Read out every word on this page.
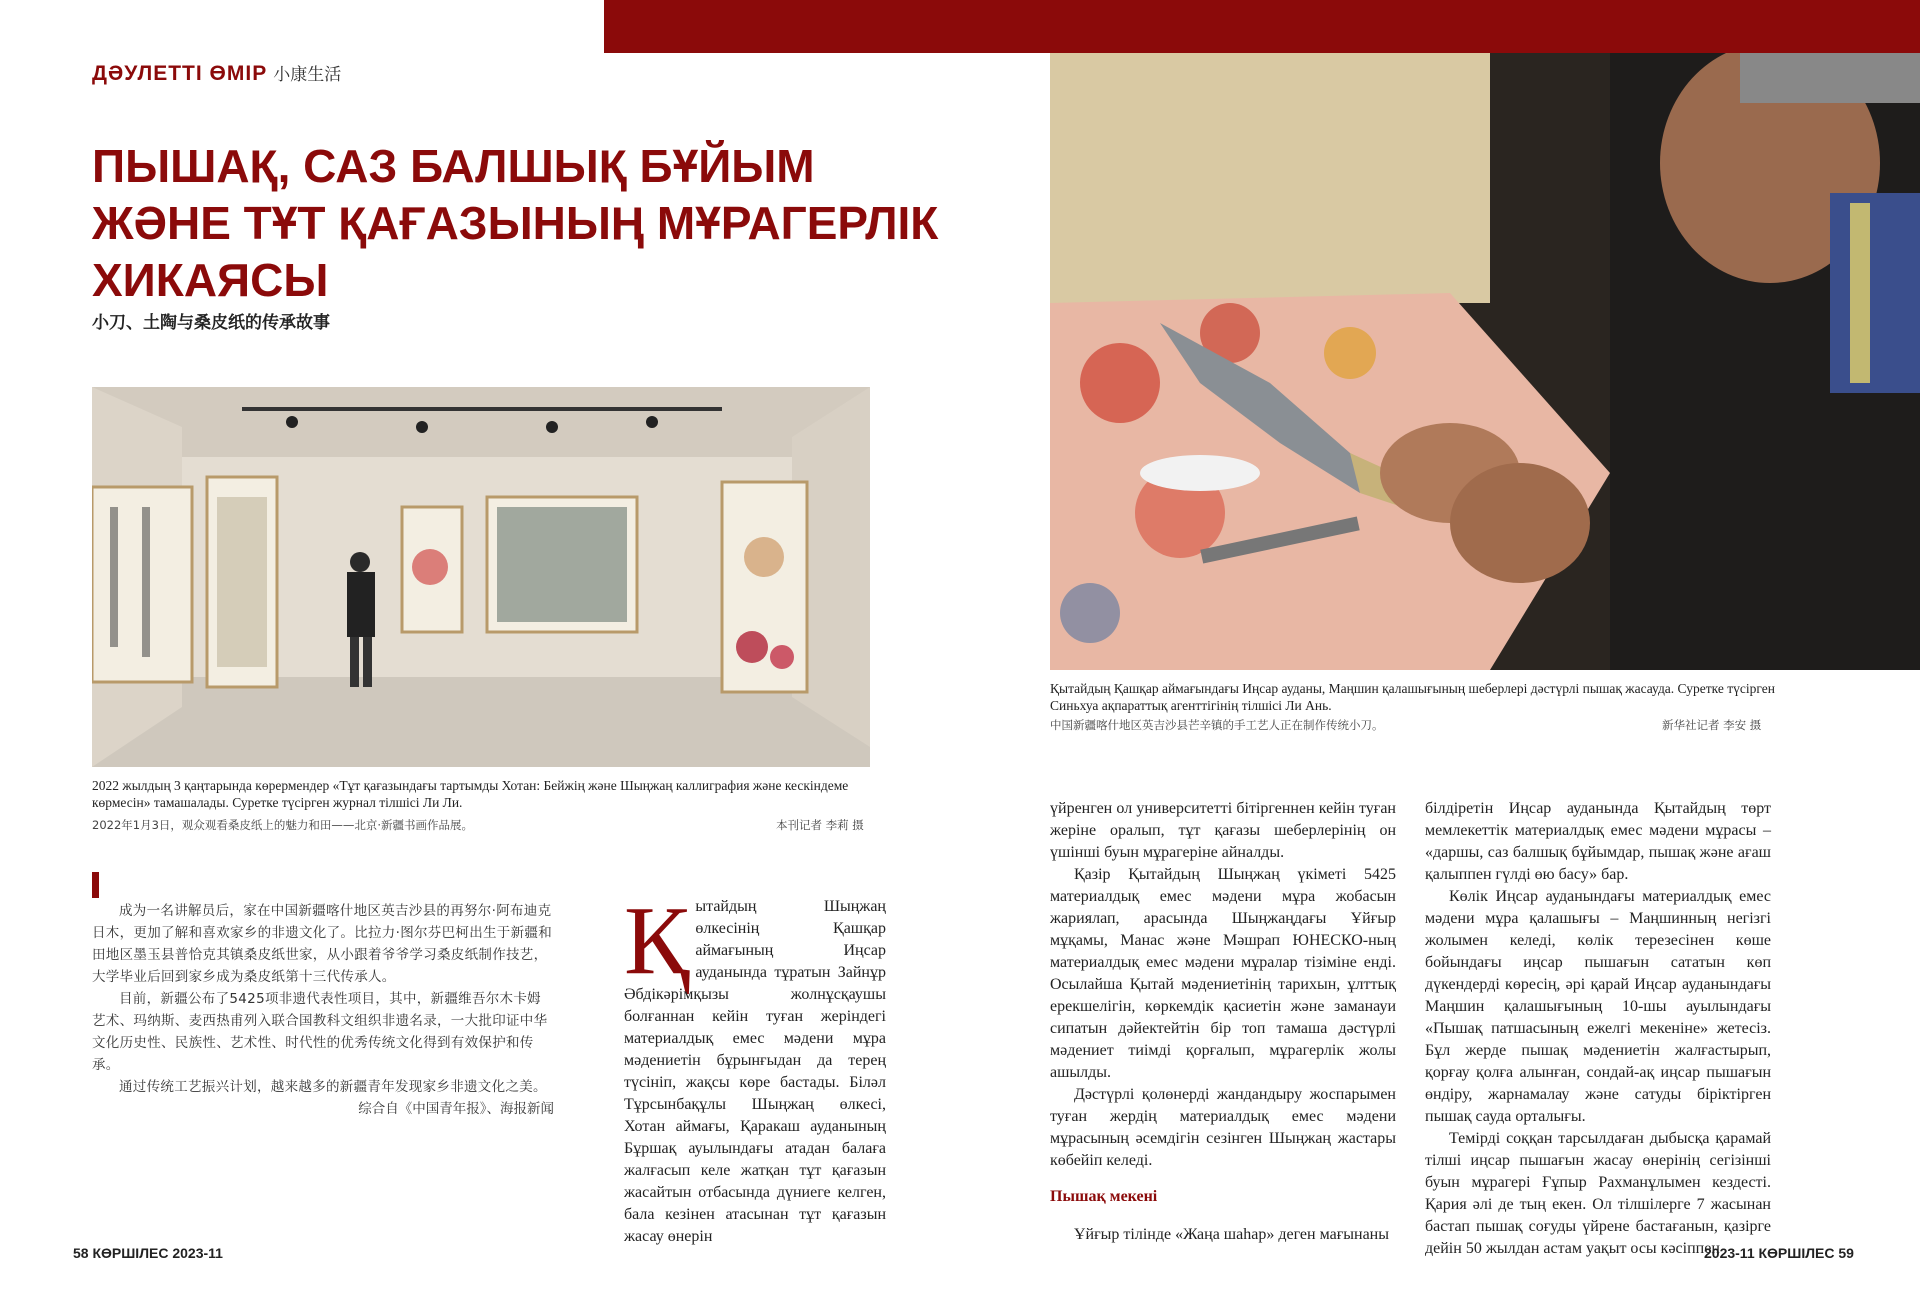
ДӘУЛЕТТІ ӨМІР 小康生活
ПЫШАҚ, САЗ БАЛШЫҚ БҰЙЫМ
ЖӘНЕ ТҰТ ҚАҒАЗЫНЫҢ МҰРАГЕРЛІК
ХИКАЯСЫ
小刀、土陶与桑皮纸的传承故事
2022 жылдың 3 қаңтарында көрермендер «Тұт қағазындағы тартымды Хотан: Бейжің және Шыңжаң каллиграфия және кескіндеме көрмесін» тамашалады. Суретке түсірген журнал тілшісі Ли Ли.
2022年1月3日，观众观看桑皮纸上的魅力和田——北京·新疆书画作品展。	本刊记者 李莉 摄
Қытайдың Қашқар аймағындағы Иңсар ауданы, Маңшин қалашығының шеберлері дәстүрлі пышақ жасауда. Суретке түсірген Синьхуа ақпараттық агенттігінің тілшісі Ли Ань.
中国新疆喀什地区英吉沙县芒辛镇的手工艺人正在制作传统小刀。	新华社记者 李安 摄

成为一名讲解员后，家在中国新疆喀什地区英吉沙县的再努尔·阿布迪克日木，更加了解和喜欢家乡的非遗文化了。比拉力·图尔芬巴柯出生于新疆和田地区墨玉县普恰克其镇桑皮纸世家，从小跟着爷爷学习桑皮纸制作技艺，大学毕业后回到家乡成为桑皮纸第十三代传承人。

目前，新疆公布了5425项非遗代表性项目，其中，新疆维吾尔木卡姆艺术、玛纳斯、麦西热甫列入联合国教科文组织非遗名录，一大批印证中华文化历史性、民族性、艺术性、时代性的优秀传统文化得到有效保护和传承。

通过传统工艺振兴计划，越来越多的新疆青年发现家乡非遗文化之美。

综合自《中国青年报》、海报新闻
Қ ытайдың Шыңжаң өлкесінің Қашқар аймағының Иңсар ауданында тұратын Зайнұр Әбдікәрімқызы жолнұсқаушы болғаннан кейін туған жеріндегі материалдық емес мәдени мұра мәдениетін бұрынғыдан да терең түсініп, жақсы көре бастады. Біләл Тұрсынбақұлы Шыңжаң өлкесі, Хотан аймағы, Қаракаш ауданының Бұршақ ауылындағы атадан балаға жалғасып келе жатқан тұт қағазын жасайтын отбасында дүниеге келген, бала кезінен атасынан тұт қағазын жасау өнерін

үйренген ол университетті бітіргеннен кейін туған жеріне оралып, тұт қағазы шеберлерінің он үшінші буын мұрагеріне айналды.

Қазір Қытайдың Шыңжаң үкіметі 5425 материалдық емес мәдени мұра жобасын жариялап, арасында Шыңжаңдағы Ұйғыр мұқамы, Манас және Мәшрап ЮНЕСКО-ның материалдық емес мәдени мұралар тізіміне енді. Осылайша Қытай мәдениетінің тарихын, ұлттық ерекшелігін, көркемдік қасиетін және заманауи сипатын дәйектейтін бір топ тамаша дәстүрлі мәдениет тиімді қорғалып, мұрагерлік жолы ашылды.

Дәстүрлі қолөнерді жандандыру жоспарымен туған жердің материалдық емес мәдени мұрасының әсемдігін сезінген Шыңжаң жастары көбейіп келеді.

Пышақ мекені

Ұйғыр тілінде «Жаңа шаһар» деген мағынаны

білдіретін Иңсар ауданында Қытайдың төрт мемлекеттік материалдық емес мәдени мұрасы – «даршы, саз балшық бұйымдар, пышақ және ағаш қалыппен гүлді өю басу» бар.

Көлік Иңсар ауданындағы материалдық емес мәдени мұра қалашығы – Маңшинның негізгі жолымен келеді, көлік терезесінен көше бойындағы иңсар пышағын сататын көп дүкендерді көресің, әрі қарай Иңсар ауданындағы Маңшин қалашығының 10-шы ауылындағы «Пышақ патшасының ежелгі мекеніне» жетесіз. Бұл жерде пышақ мәдениетін жалғастырып, қорғау қолға алынған, сондай-ақ иңсар пышағын өндіру, жарнамалау және сатуды біріктірген пышақ сауда орталығы.

Темірді соққан тарсылдаған дыбысқа қарамай тілші иңсар пышағын жасау өнерінің сегізінші буын мұрагері Ғұпыр Рахманұлымен кездесті. Қария әлі де тың екен. Ол тілшілерге 7 жасынан бастап пышақ соғуды үйрене бастағанын, қазірге дейін 50 жылдан астам уақыт осы кәсіппен

58 КӨРШІЛЕС 2023-11	2023-11 КӨРШІЛЕС 59
